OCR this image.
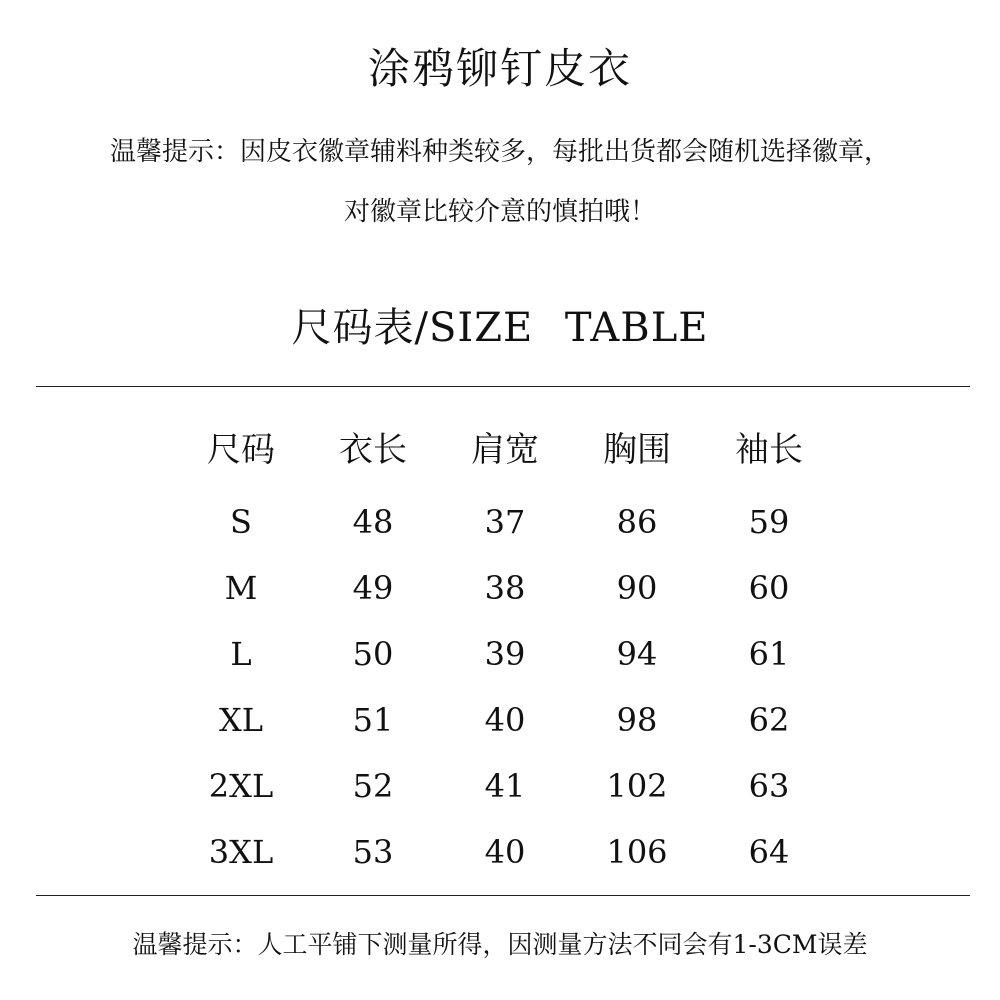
涂鸦铆钉皮衣
温馨提示：因皮衣徽章辅料种类较多，每批出货都会随机选择徽章，
对徽章比较介意的慎拍哦！
尺码表/SIZE TABLE
尺码	衣长	肩宽	胸围	袖长
S	48	37	86	59
M	49	38	90	60
L	50	39	94	61
XL	51	40	98	62
2XL	52	41	102	63
3XL	53	40	106	64
温馨提示：人工平铺下测量所得，因测量方法不同会有1-3CM误差
